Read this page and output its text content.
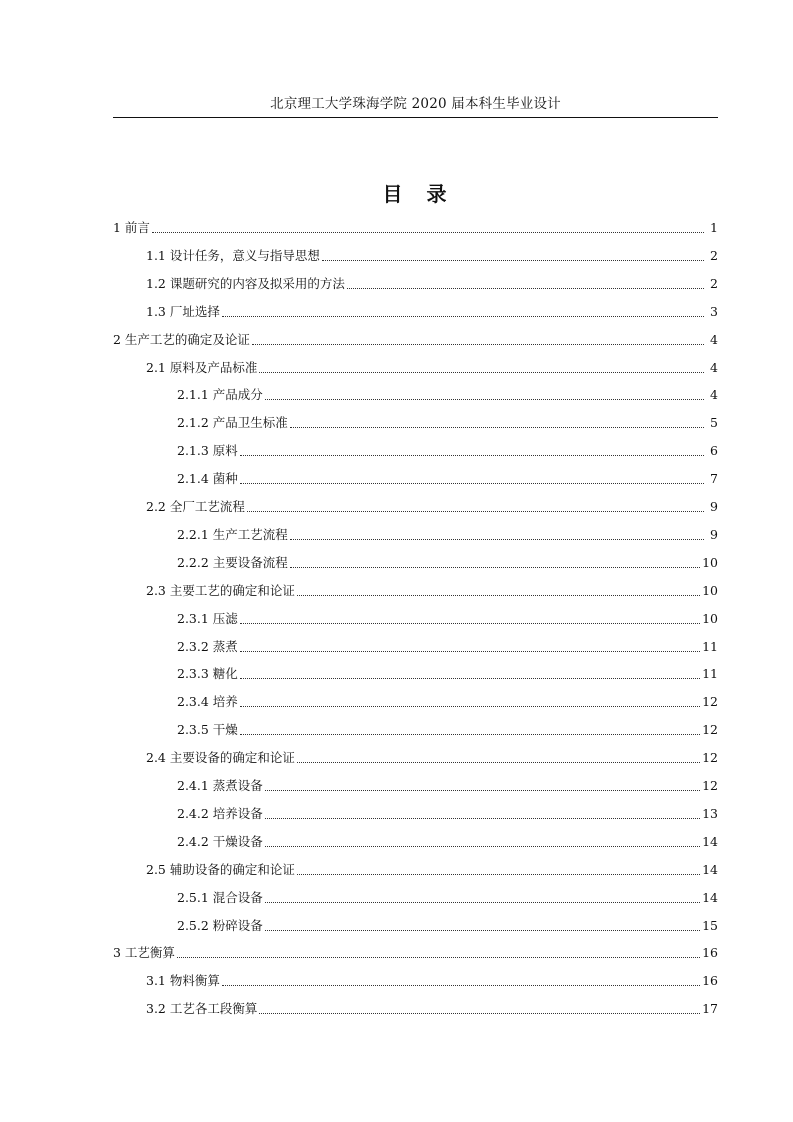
北京理工大学珠海学院 2020 届本科生毕业设计
目 录
1 前言	1
1.1 设计任务，意义与指导思想	2
1.2 课题研究的内容及拟采用的方法	2
1.3 厂址选择	3
2 生产工艺的确定及论证	4
2.1 原料及产品标准	4
2.1.1 产品成分	4
2.1.2 产品卫生标准	5
2.1.3 原料	6
2.1.4 菌种	7
2.2 全厂工艺流程	9
2.2.1 生产工艺流程	9
2.2.2 主要设备流程	10
2.3 主要工艺的确定和论证	10
2.3.1 压滤	10
2.3.2 蒸煮	11
2.3.3 糖化	11
2.3.4 培养	12
2.3.5 干燥	12
2.4 主要设备的确定和论证	12
2.4.1 蒸煮设备	12
2.4.2 培养设备	13
2.4.2 干燥设备	14
2.5 辅助设备的确定和论证	14
2.5.1 混合设备	14
2.5.2 粉碎设备	15
3 工艺衡算	16
3.1 物料衡算	16
3.2 工艺各工段衡算	17
